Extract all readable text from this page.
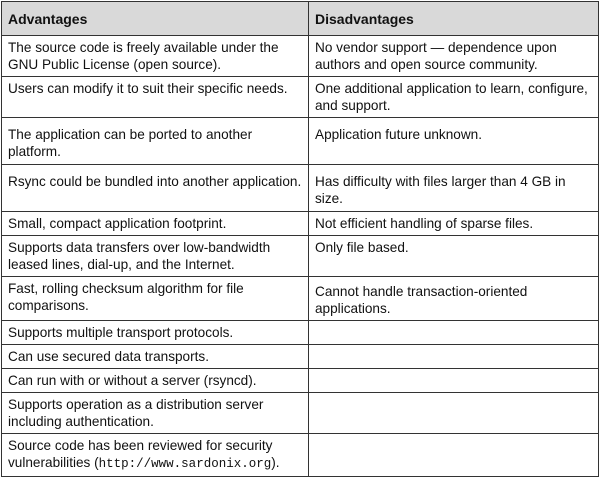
Advantages	Disadvantages
The source code is freely available under the GNU Public License (open source).	No vendor support — dependence upon authors and open source community.
Users can modify it to suit their specific needs.	One additional application to learn, configure, and support.
The application can be ported to another platform.	Application future unknown.
Rsync could be bundled into another application.	Has difficulty with files larger than 4 GB in size.
Small, compact application footprint.	Not efficient handling of sparse files.
Supports data transfers over low-bandwidth leased lines, dial-up, and the Internet.	Only file based.
Fast, rolling checksum algorithm for file comparisons.	Cannot handle transaction-oriented applications.
Supports multiple transport protocols.	
Can use secured data transports.	
Can run with or without a server (rsyncd).	
Supports operation as a distribution server including authentication.	
Source code has been reviewed for security vulnerabilities (http://www.sardonix.org).	
